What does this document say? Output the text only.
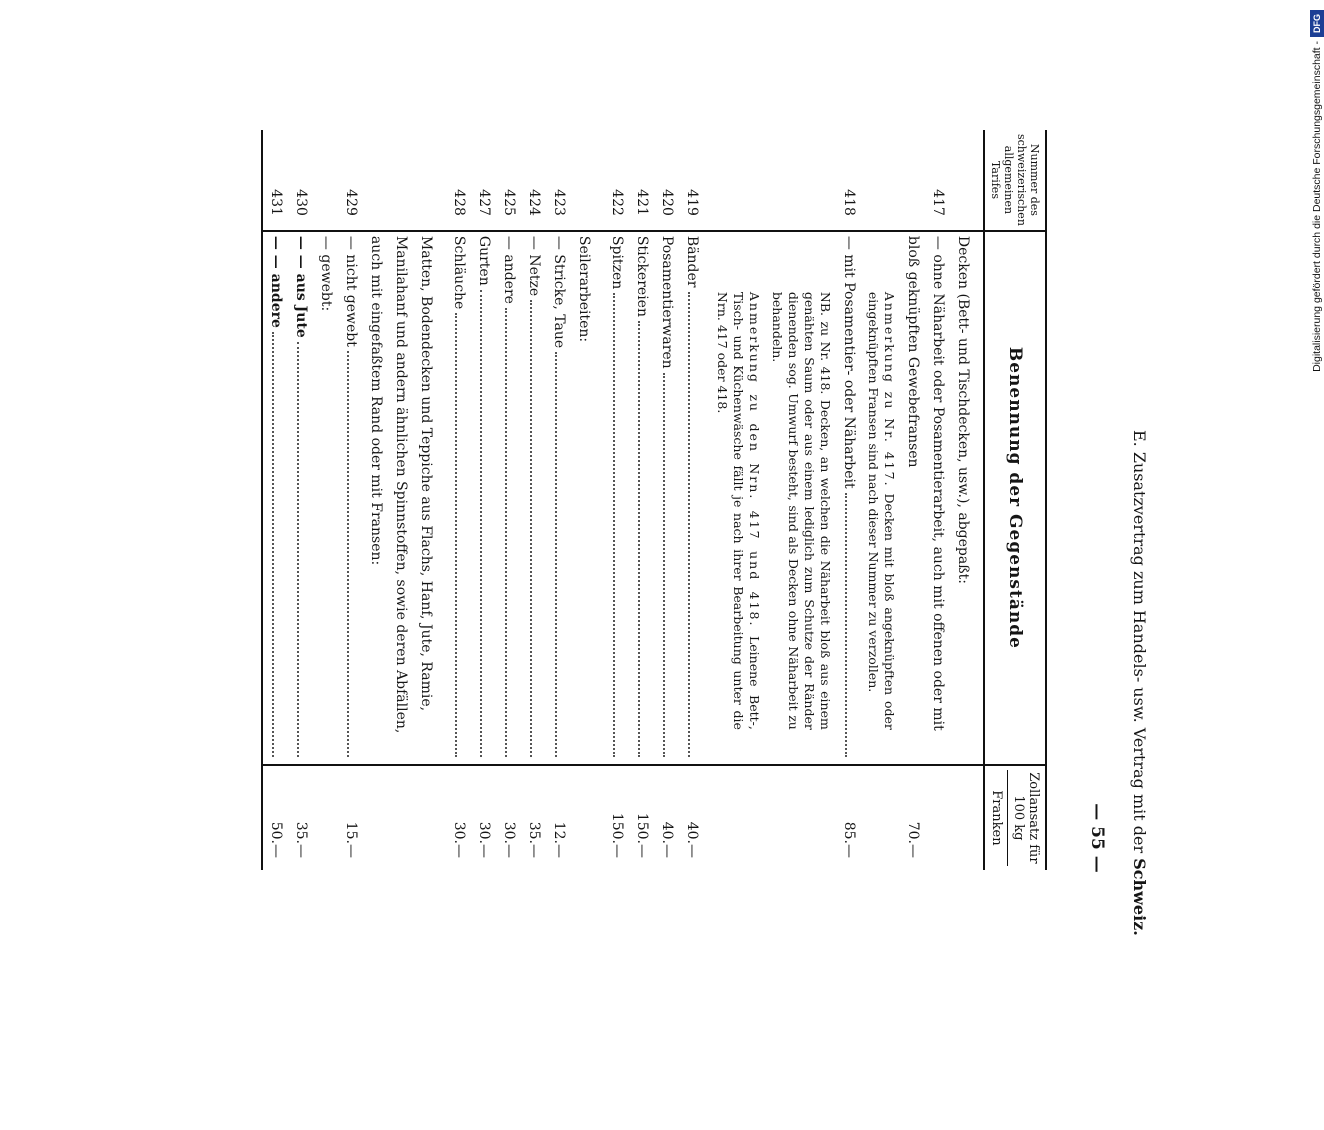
Digitalisierung gefördert durch die Deutsche Forschungsgemeinschaft -
DFG
E. Zusatzvertrag zum Handels- usw. Vertrag mit der Schweiz.
— 55 —
Nummer des schweizerischen allgemeinen Tarifes	Benennung der Gegenstände	Zollansatz für 100 kg
Franken

	Decken (Bett- und Tischdecken, usw.), abgepaßt:	
417	— ohne Näharbeit oder Posamentierarbeit, auch mit offenen oder mit bloß geknüpften Gewebefransen	70.—

	Anmerkung zu Nr. 417. Decken mit bloß angeknüpften oder eingeknüpften Fransen sind nach dieser Nummer zu verzollen.	

418	— mit Posamentier- oder Näharbeit	85.—

	NB. zu Nr. 418. Decken, an welchen die Näharbeit bloß aus einem genähten Saum oder aus einem lediglich zum Schutze der Ränder dienenden sog. Umwurf besteht, sind als Decken ohne Näharbeit zu behandeln.	

	Anmerkung zu den Nrn. 417 und 418. Leinene Bett-, Tisch- und Küchenwäsche fällt je nach ihrer Bearbeitung unter die Nrn. 417 oder 418.	

419	Bänder	40.—
420	Posamentierwaren	40.—
421	Stickereien	150.—
422	Spitzen	150.—
	Seilerarbeiten:	
423	— Stricke, Taue	12.—
424	— Netze	35.—
425	— andere	30.—
427	Gurten	30.—
428	Schläuche	30.—
	Matten, Bodendecken und Teppiche aus Flachs, Hanf, Jute, Ramie, Manilahanf und andern ähnlichen Spinnstoffen, sowie deren Abfällen, auch mit eingefaßtem Rand oder mit Fransen:	
429	— nicht gewebt	15.—
	— gewebt:	
430	— — aus Jute	35.—
431	— — andere	50.—
